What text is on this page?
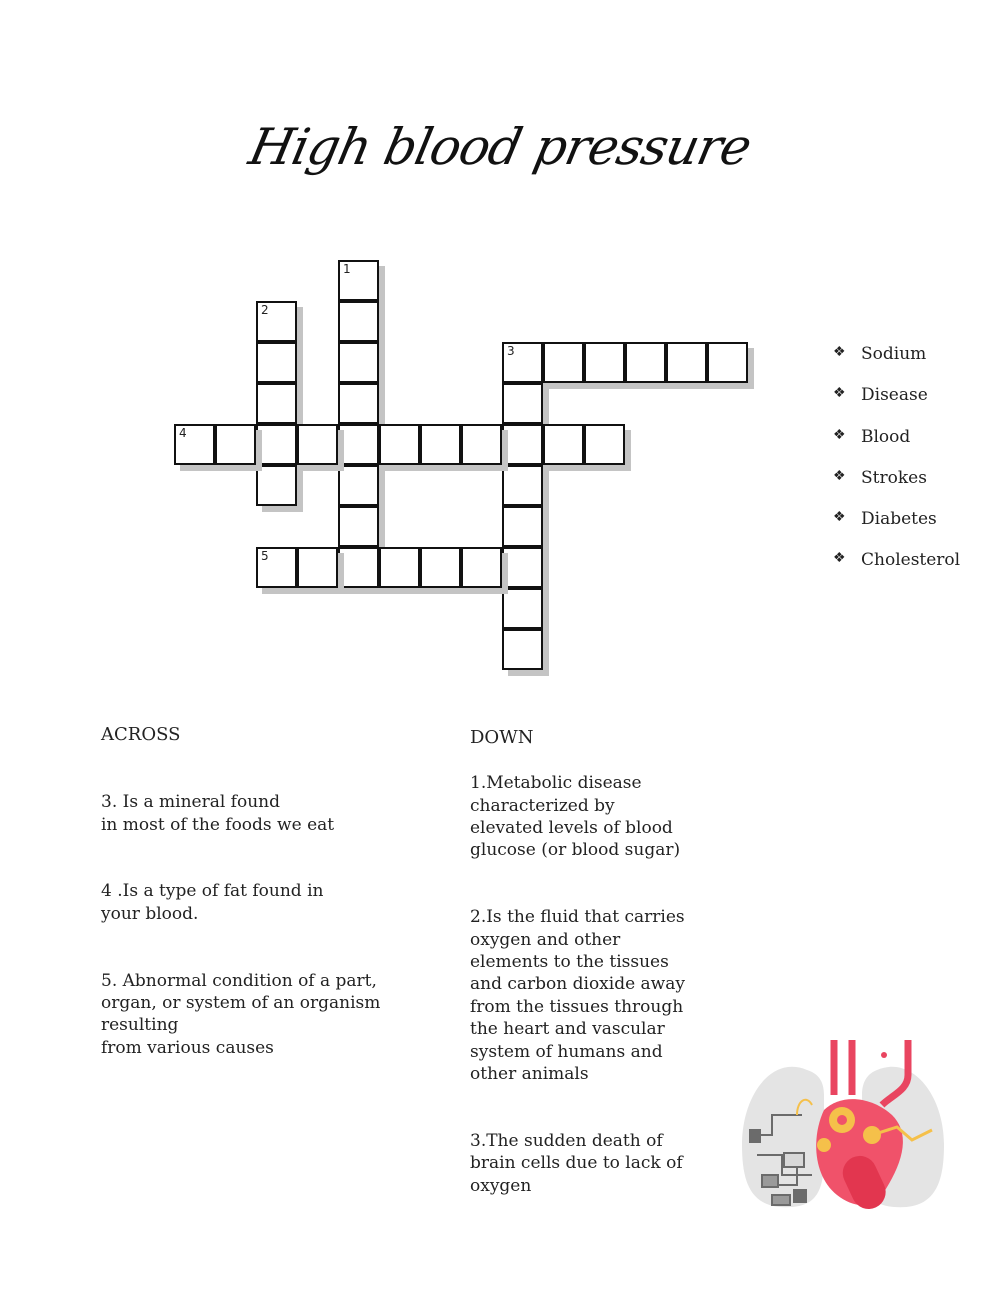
High blood pressure
1
2
3
4
5
❖ Sodium
❖ Disease
❖ Blood
❖ Strokes
❖ Diabetes
❖ Cholesterol

ACROSS

3. Is a mineral found
in most of the foods we eat

4 .Is a type of fat found in
your blood.

5. Abnormal condition of a part,
organ, or system of an organism resulting
from various causes

DOWN

1.Metabolic disease
characterized by
elevated levels of blood
glucose (or blood sugar)

2.Is the fluid that carries
oxygen and other
elements to the tissues
and carbon dioxide away
from the tissues through
the heart and vascular
system of humans and
other animals

3.The sudden death of
brain cells due to lack of
oxygen
